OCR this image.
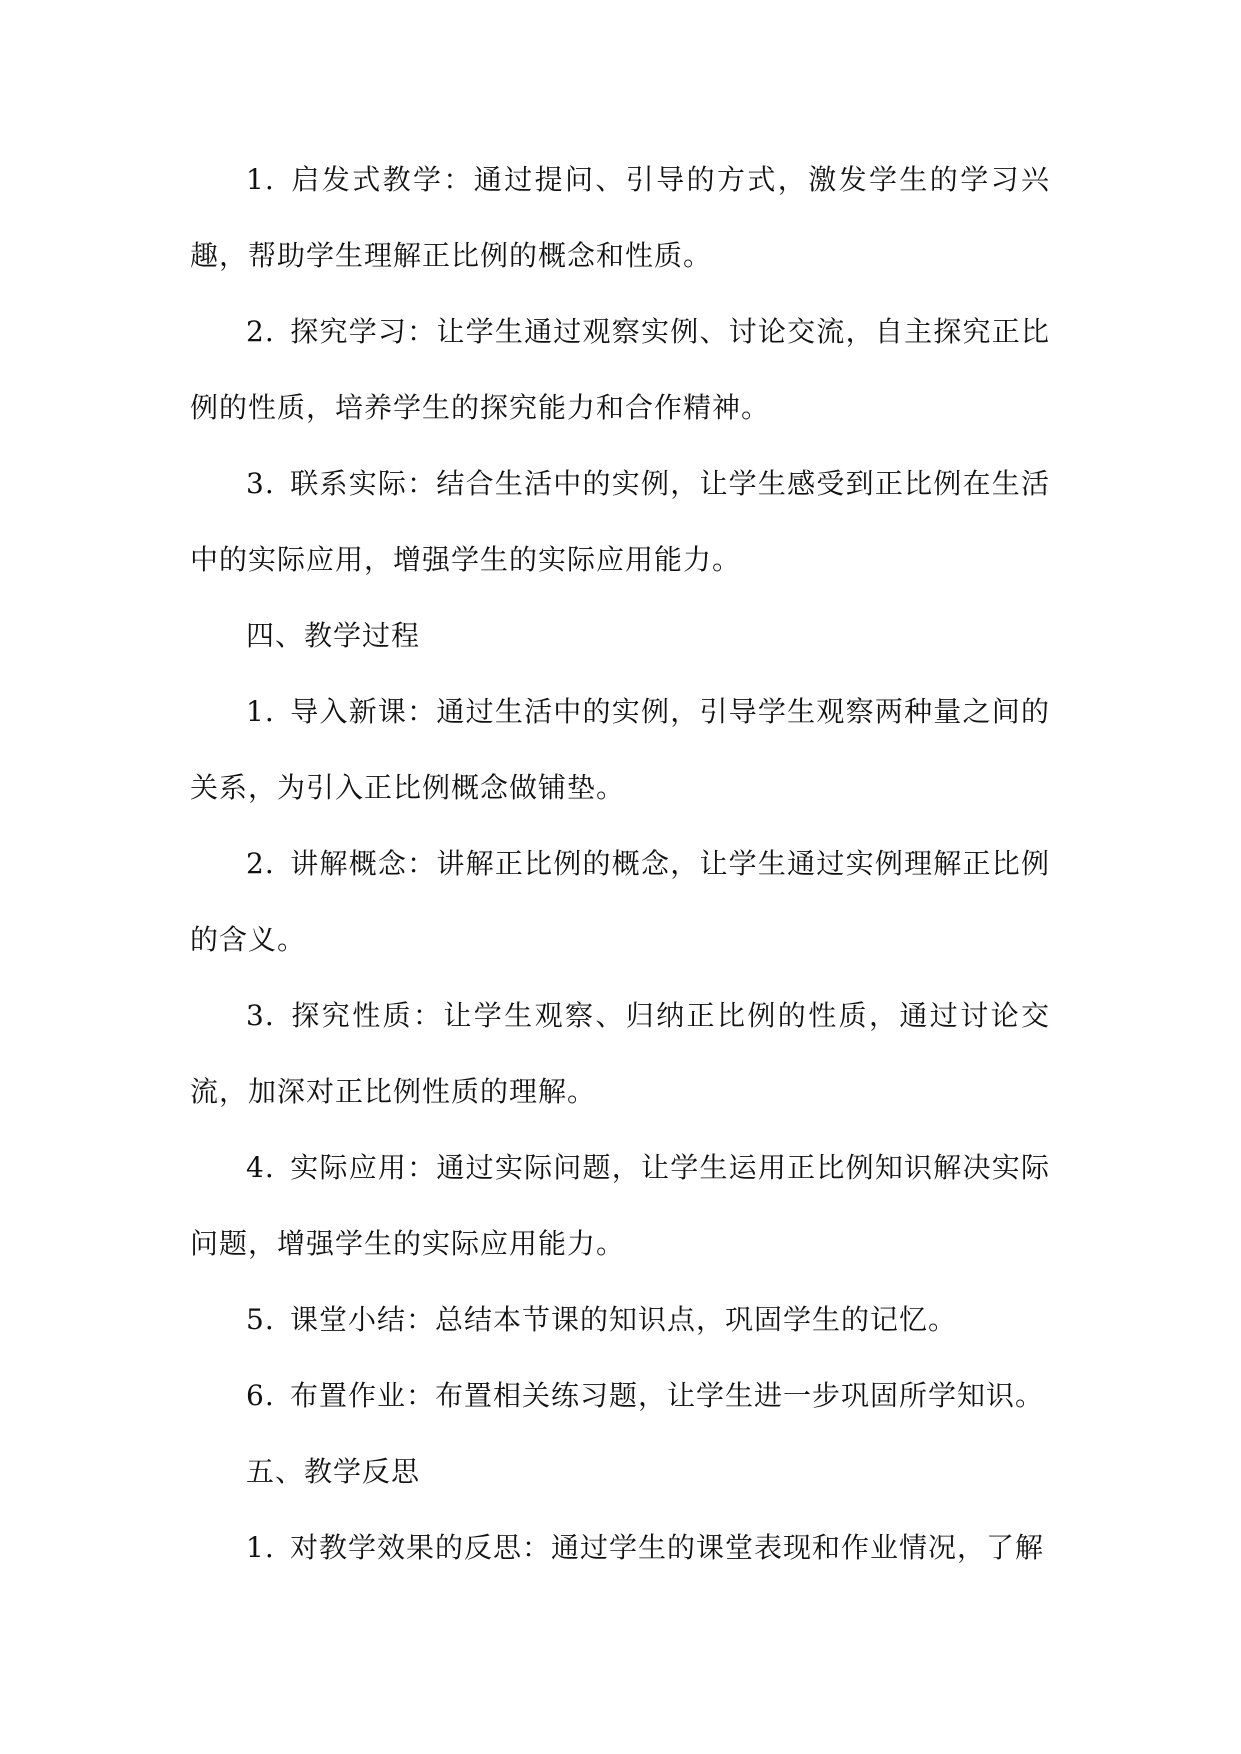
1. 启发式教学：通过提问、引导的方式，激发学生的学习兴趣，帮助学生理解正比例的概念和性质。

2. 探究学习：让学生通过观察实例、讨论交流，自主探究正比例的性质，培养学生的探究能力和合作精神。

3. 联系实际：结合生活中的实例，让学生感受到正比例在生活中的实际应用，增强学生的实际应用能力。

四、教学过程

1. 导入新课：通过生活中的实例，引导学生观察两种量之间的关系，为引入正比例概念做铺垫。

2. 讲解概念：讲解正比例的概念，让学生通过实例理解正比例的含义。

3. 探究性质：让学生观察、归纳正比例的性质，通过讨论交流，加深对正比例性质的理解。

4. 实际应用：通过实际问题，让学生运用正比例知识解决实际问题，增强学生的实际应用能力。

5. 课堂小结：总结本节课的知识点，巩固学生的记忆。

6. 布置作业：布置相关练习题，让学生进一步巩固所学知识。

五、教学反思

1. 对教学效果的反思：通过学生的课堂表现和作业情况，了解
